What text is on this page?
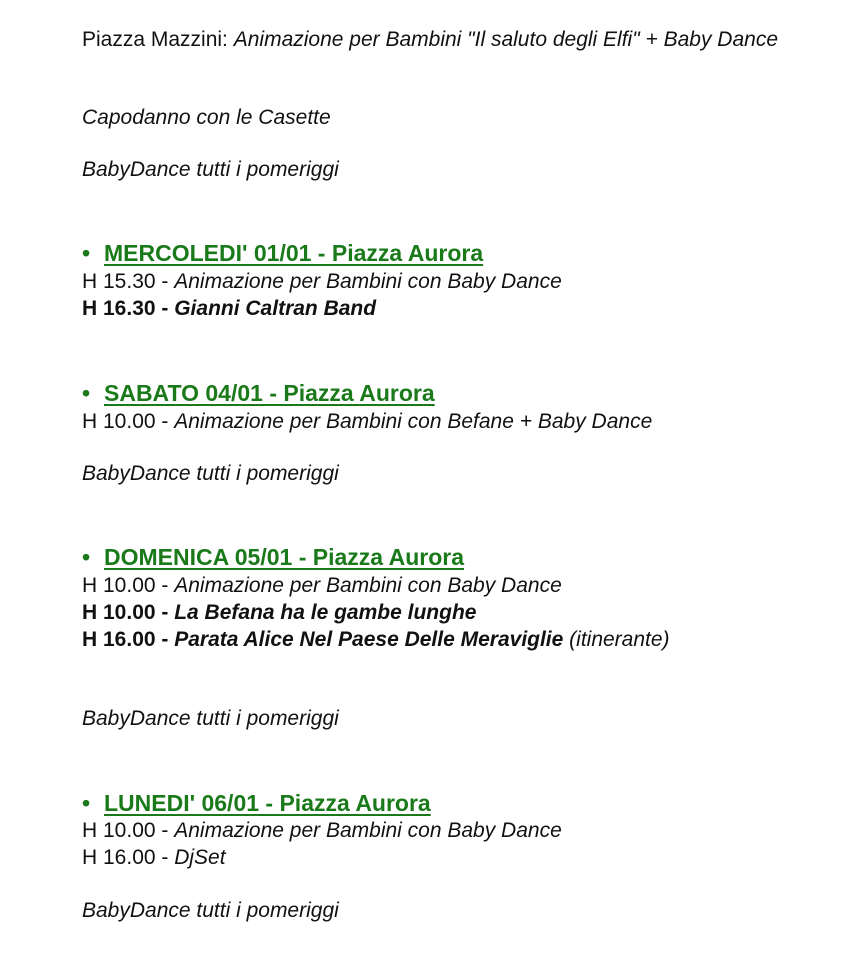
Piazza Mazzini: Animazione per Bambini "Il saluto degli Elfi" + Baby Dance
Capodanno con le Casette
BabyDance tutti i pomeriggi
• MERCOLEDI' 01/01 - Piazza Aurora
H 15.30 - Animazione per Bambini con Baby Dance
H 16.30 - Gianni Caltran Band
• SABATO 04/01 - Piazza Aurora
H 10.00 - Animazione per Bambini con Befane + Baby Dance
BabyDance tutti i pomeriggi
• DOMENICA 05/01 - Piazza Aurora
H 10.00 - Animazione per Bambini con Baby Dance
H 10.00 - La Befana ha le gambe lunghe
H 16.00 - Parata Alice Nel Paese Delle Meraviglie (itinerante)
BabyDance tutti i pomeriggi
• LUNEDI' 06/01 - Piazza Aurora
H 10.00 - Animazione per Bambini con Baby Dance
H 16.00 - DjSet
BabyDance tutti i pomeriggi
